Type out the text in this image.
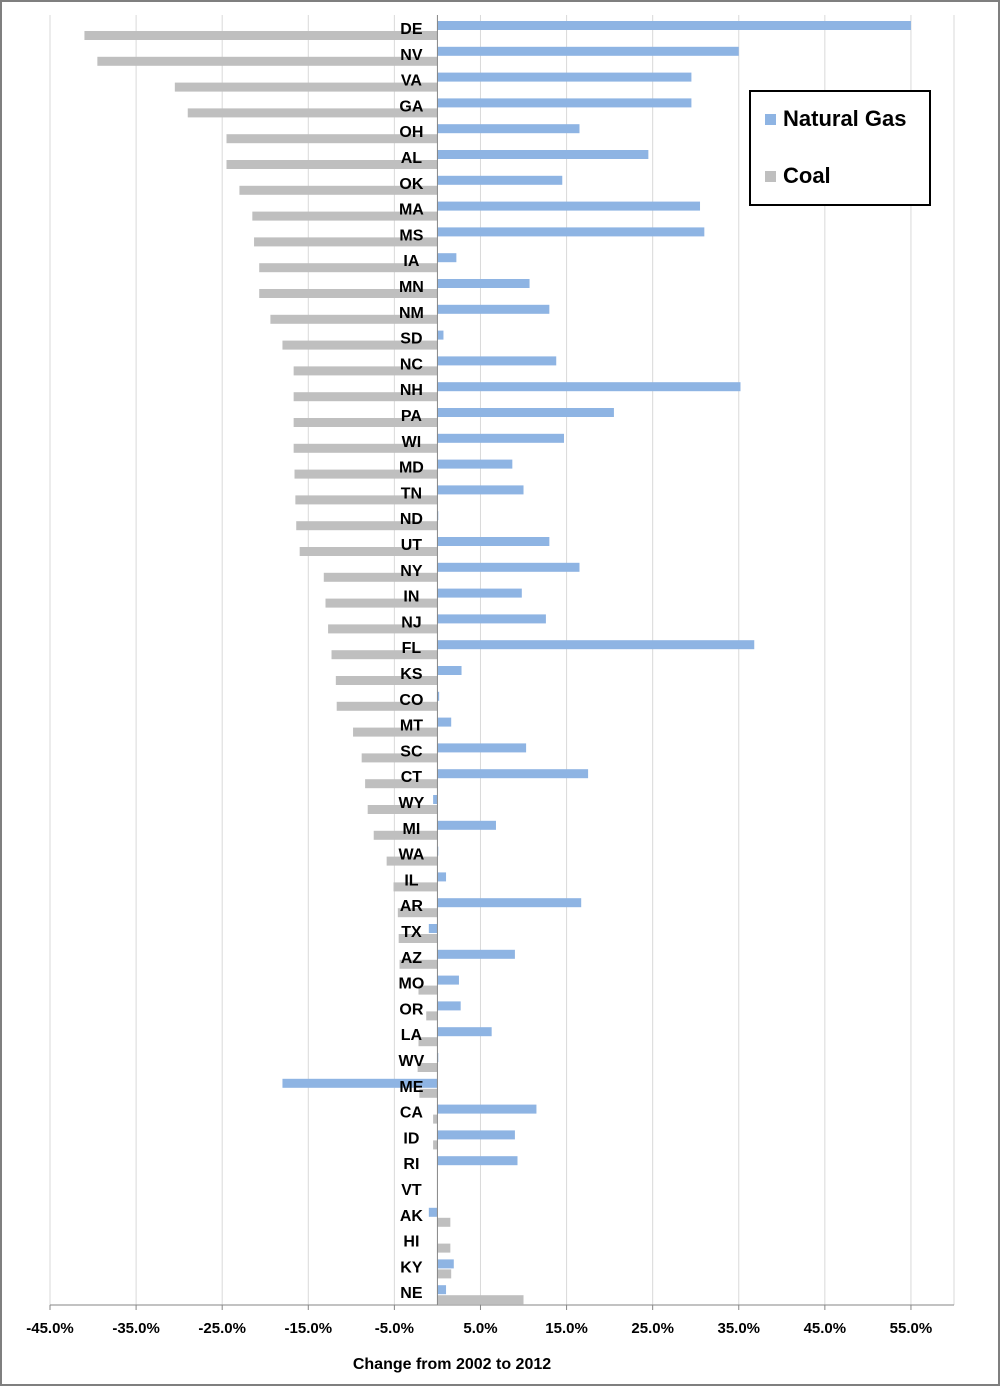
DE
NV
VA
GA
OH
AL
OK
MA
MS
IA
MN
NM
SD
NC
NH
PA
WI
MD
TN
ND
UT
NY
IN
NJ
FL
KS
CO
MT
SC
CT
WY
MI
WA
IL
AR
TX
AZ
MO
OR
LA
WV
ME
CA
ID
RI
VT
AK
HI
KY
NE
-45.0%	-35.0%	-25.0%	-15.0%	-5.0%	5.0%	15.0%	25.0%	35.0%	45.0%	55.0%
Change from 2002 to 2012
Natural Gas
Coal
